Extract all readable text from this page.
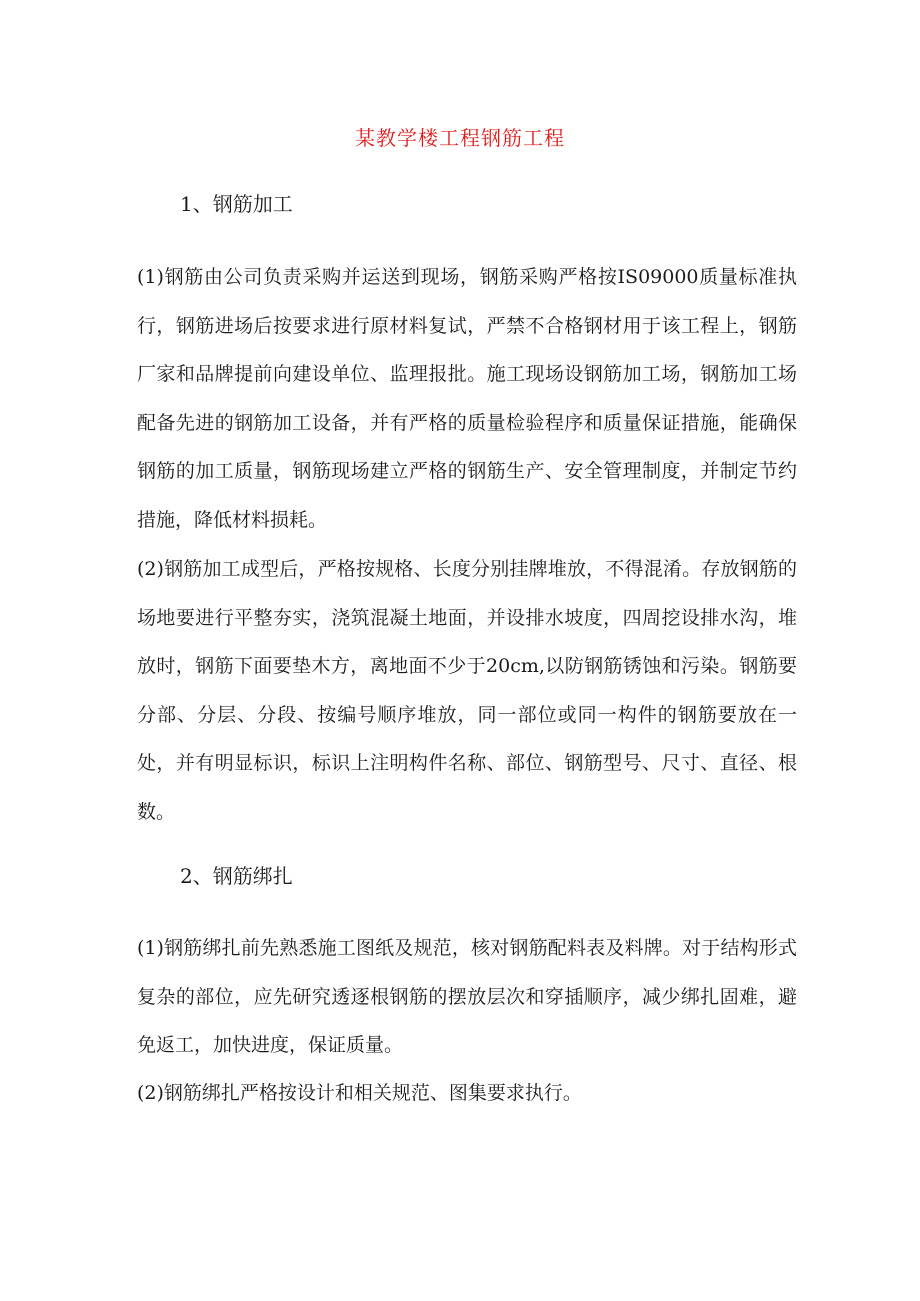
某教学楼工程钢筋工程
1、钢筋加工

(1)钢筋由公司负责采购并运送到现场，钢筋采购严格按IS09000质量标准执行，钢筋进场后按要求进行原材料复试，严禁不合格钢材用于该工程上，钢筋厂家和品牌提前向建设单位、监理报批。施工现场设钢筋加工场，钢筋加工场配备先进的钢筋加工设备，并有严格的质量检验程序和质量保证措施，能确保钢筋的加工质量，钢筋现场建立严格的钢筋生产、安全管理制度，并制定节约措施，降低材料损耗。

(2)钢筋加工成型后，严格按规格、长度分别挂牌堆放，不得混淆。存放钢筋的场地要进行平整夯实，浇筑混凝土地面，并设排水坡度，四周挖设排水沟，堆放时，钢筋下面要垫木方，离地面不少于20cm,以防钢筋锈蚀和污染。钢筋要分部、分层、分段、按编号顺序堆放，同一部位或同一构件的钢筋要放在一处，并有明显标识，标识上注明构件名称、部位、钢筋型号、尺寸、直径、根数。

2、钢筋绑扎

(1)钢筋绑扎前先熟悉施工图纸及规范，核对钢筋配料表及料牌。对于结构形式复杂的部位，应先研究透逐根钢筋的摆放层次和穿插顺序，减少绑扎固难，避免返工，加快进度，保证质量。

(2)钢筋绑扎严格按设计和相关规范、图集要求执行。
